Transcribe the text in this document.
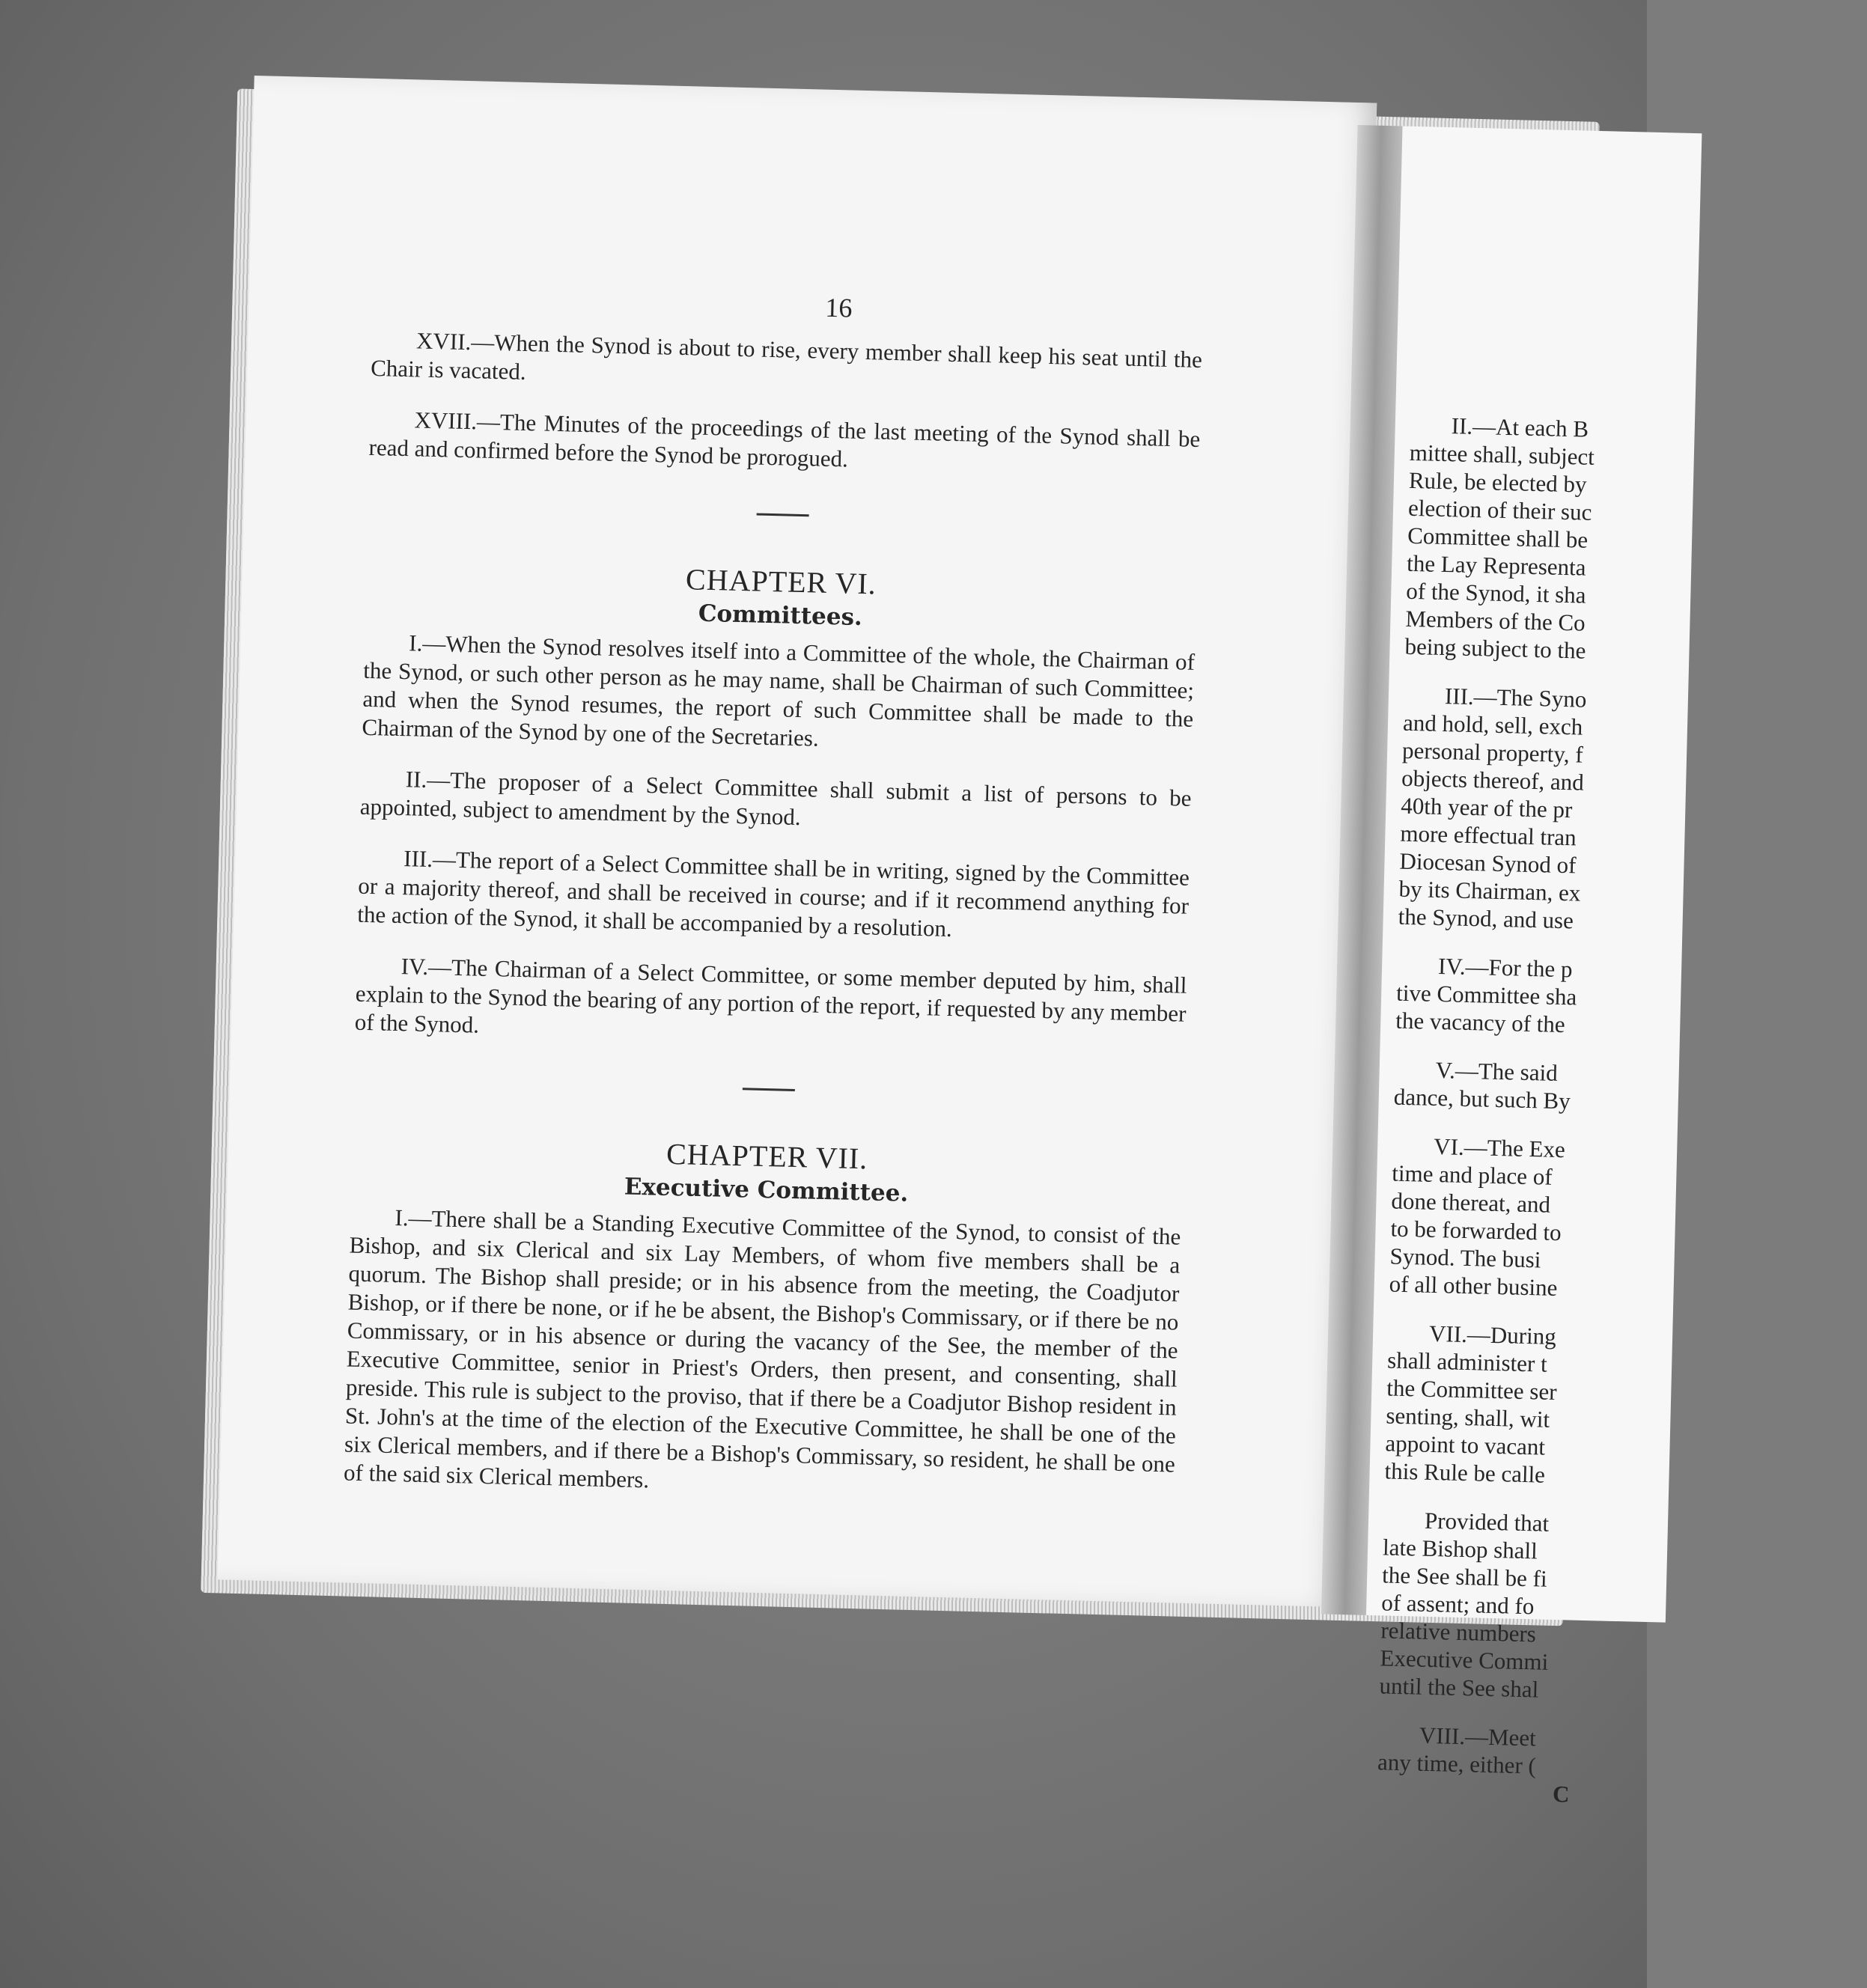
16

XVII.—When the Synod is about to rise, every member shall keep his seat until the Chair is vacated.

XVIII.—The Minutes of the proceedings of the last meeting of the Synod shall be read and confirmed before the Synod be prorogued.

CHAPTER VI.
Committees.

I.—When the Synod resolves itself into a Committee of the whole, the Chairman of the Synod, or such other person as he may name, shall be Chairman of such Committee; and when the Synod resumes, the report of such Committee shall be made to the Chairman of the Synod by one of the Secretaries.

II.—The proposer of a Select Committee shall submit a list of persons to be appointed, subject to amendment by the Synod.

III.—The report of a Select Committee shall be in writing, signed by the Committee or a majority thereof, and shall be received in course; and if it recommend anything for the action of the Synod, it shall be accompanied by a resolution.

IV.—The Chairman of a Select Committee, or some member deputed by him, shall explain to the Synod the bearing of any portion of the report, if requested by any member of the Synod.

CHAPTER VII.
Executive Committee.

I.—There shall be a Standing Executive Committee of the Synod, to consist of the Bishop, and six Clerical and six Lay Members, of whom five members shall be a quorum. The Bishop shall preside; or in his absence from the meeting, the Coadjutor Bishop, or if there be none, or if he be absent, the Bishop's Commissary, or if there be no Commissary, or in his absence or during the vacancy of the See, the member of the Executive Committee, senior in Priest's Orders, then present, and consenting, shall preside. This rule is subject to the proviso, that if there be a Coadjutor Bishop resident in St. John's at the time of the election of the Executive Committee, he shall be one of the six Clerical members, and if there be a Bishop's Commissary, so resident, he shall be one of the said six Clerical members.

II.—At each B

mittee shall, subject

Rule, be elected by

election of their suc

Committee shall be

the Lay Representa

of the Synod, it sha

Members of the Co

being subject to the

III.—The Syno

and hold, sell, exch

personal property, f

objects thereof, and

40th year of the pr

more effectual tran

Diocesan Synod of

by its Chairman, ex

the Synod, and use

IV.—For the p

tive Committee sha

the vacancy of the

V.—The said

dance, but such By

VI.—The Exe

time and place of

done thereat, and

to be forwarded to

Synod. The busi

of all other busine

VII.—During

shall administer t

the Committee ser

senting, shall, wit

appoint to vacant

this Rule be calle

Provided that

late Bishop shall

the See shall be fi

of assent; and fo

relative numbers

Executive Commi

until the See shal

VIII.—Meet

any time, either (

C
